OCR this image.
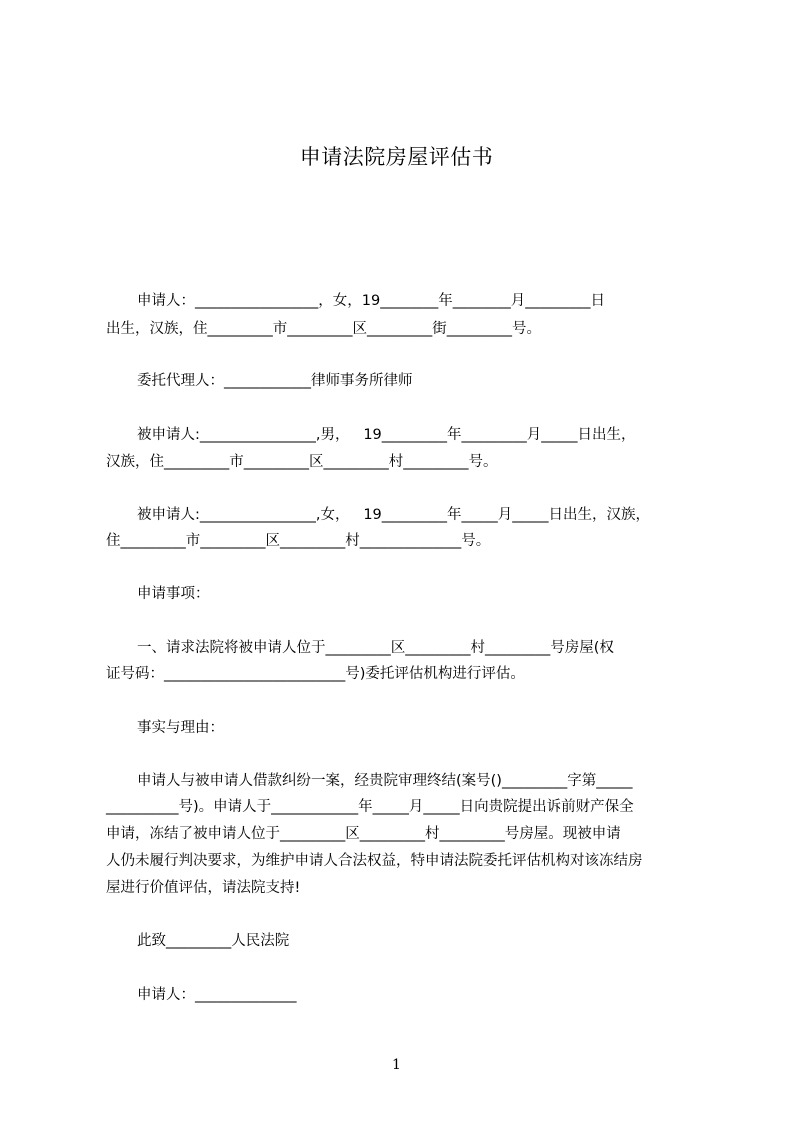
申请法院房屋评估书
申请人：_________________，女，19________年________月_________日
出生，汉族，住_________市_________区_________街_________号。
委托代理人：____________律师事务所律师
被申请人:________________,男，   19_________年_________月_____日出生，
汉族，住_________市_________区_________村_________号。
被申请人:________________,女，   19_________年_____月_____日出生，汉族，
住_________市_________区_________村______________号。
申请事项：
一、请求法院将被申请人位于_________区_________村_________号房屋(权
证号码：_________________________号)委托评估机构进行评估。
事实与理由：
申请人与被申请人借款纠纷一案，经贵院审理终结(案号()_________字第_____
__________号)。申请人于____________年_____月_____日向贵院提出诉前财产保全
申请，冻结了被申请人位于_________区_________村_________号房屋。现被申请
人仍未履行判决要求，为维护申请人合法权益，特申请法院委托评估机构对该冻结房
屋进行价值评估，请法院支持!
此致_________人民法院
申请人：______________
1
